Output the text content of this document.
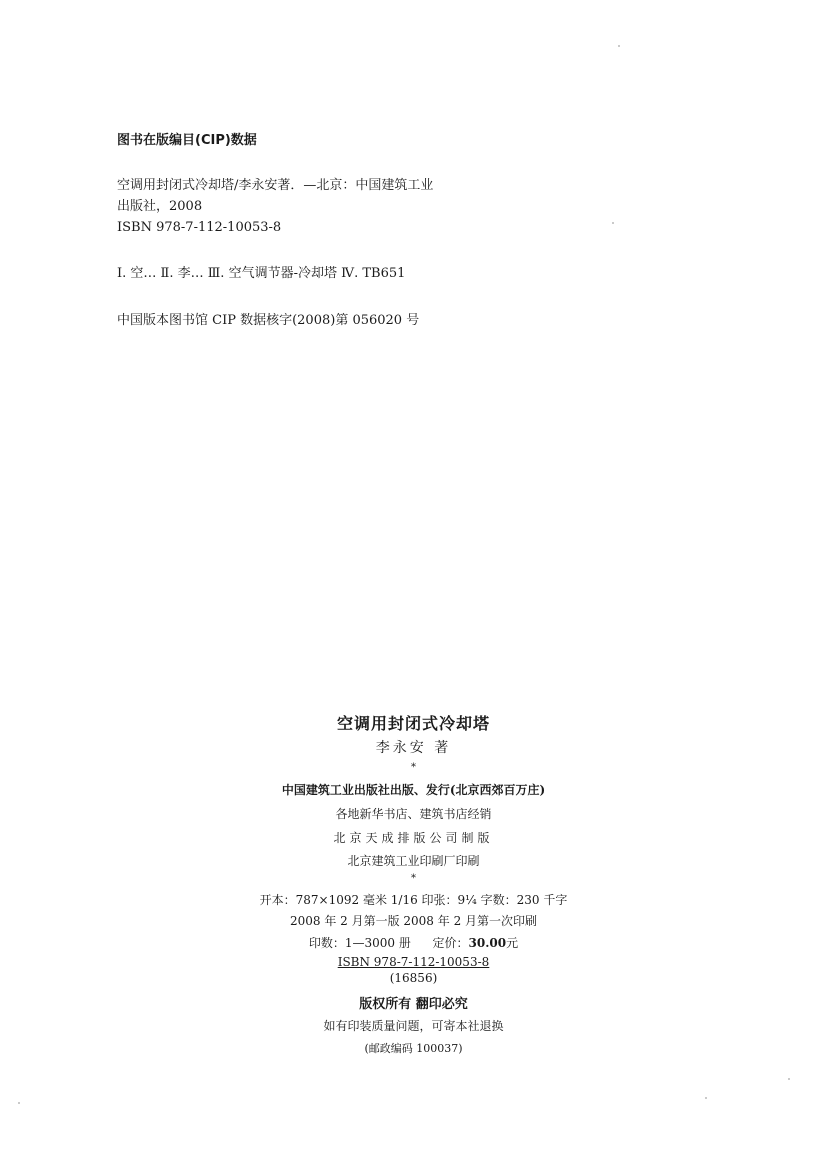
图书在版编目(CIP)数据
空调用封闭式冷却塔/李永安著．—北京：中国建筑工业
出版社，2008
ISBN 978-7-112-10053-8
Ⅰ. 空… Ⅱ. 李… Ⅲ. 空气调节器-冷却塔 Ⅳ. TB651
中国版本图书馆 CIP 数据核字(2008)第 056020 号
空调用封闭式冷却塔
李永安 著
*
中国建筑工业出版社出版、发行(北京西郊百万庄)
各地新华书店、建筑书店经销
北京天成排版公司制版
北京建筑工业印刷厂印刷
*
开本：787×1092 毫米 1/16 印张：9¼ 字数：230 千字
2008 年 2 月第一版 2008 年 2 月第一次印刷
印数：1—3000 册 定价：30.00元
ISBN 978-7-112-10053-8
(16856)
版权所有 翻印必究
如有印装质量问题，可寄本社退换
(邮政编码 100037)
